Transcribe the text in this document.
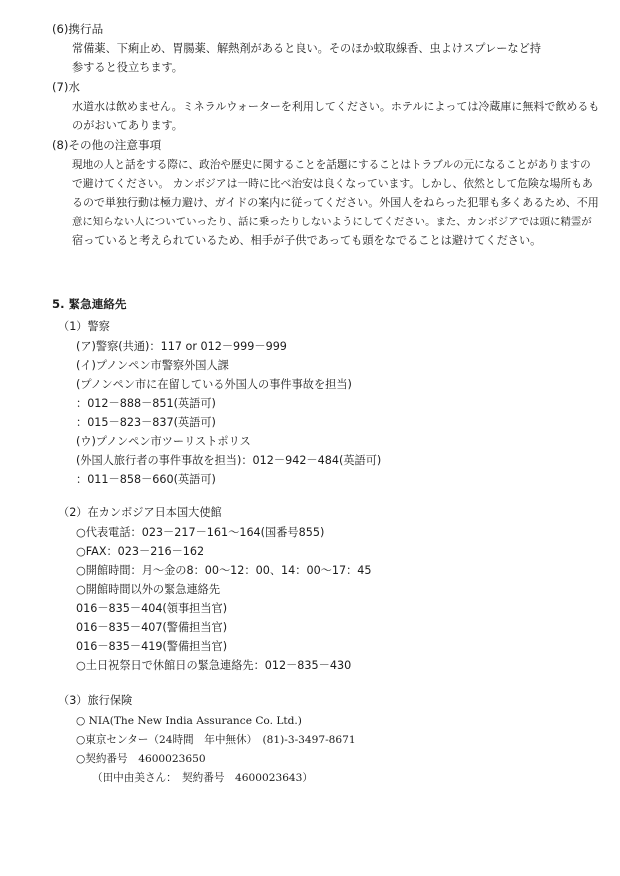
(6)携行品
常備薬、下痢止め、胃腸薬、解熱剤があると良い。そのほか蚊取線香、虫よけスプレーなど持
参すると役立ちます。
(7)水
水道水は飲めません。ミネラルウォーターを利用してください。ホテルによっては冷蔵庫に無料で飲めるも
のがおいてあります。
(8)その他の注意事項
現地の人と話をする際に、政治や歴史に関することを話題にすることはトラブルの元になることがありますの
で避けてください。 カンボジアは一時に比べ治安は良くなっています。しかし、依然として危険な場所もあ
るので単独行動は極力避け、ガイドの案内に従ってください。外国人をねらった犯罪も多くあるため、不用
意に知らない人についていったり、話に乗ったりしないようにしてください。また、カンボジアでは頭に精霊が
宿っていると考えられているため、相手が子供であっても頭をなでることは避けてください。
5. 緊急連絡先
（1）警察
(ア)警察(共通)：117 or 012－999－999
(イ)プノンペン市警察外国人課
(プノンペン市に在留している外国人の事件事故を担当)
：012－888－851(英語可)
：015－823－837(英語可)
(ウ)プノンペン市ツーリストポリス
(外国人旅行者の事件事故を担当)：012－942－484(英語可)
：011－858－660(英語可)
（2）在カンボジア日本国大使館
○代表電話：023－217－161～164(国番号855)
○FAX：023－216－162
○開館時間：月～金の8：00～12：00、14：00～17：45
○開館時間以外の緊急連絡先
016－835－404(領事担当官)
016－835－407(警備担当官)
016－835－419(警備担当官)
○土日祝祭日で休館日の緊急連絡先：012－835－430
（3）旅行保険
○ NIA(The New India Assurance Co. Ltd.)
○東京センター（24時間　年中無休）　(81)-3-3497-8671
○契約番号　4600023650
（田中由美さん：　契約番号　4600023643）
